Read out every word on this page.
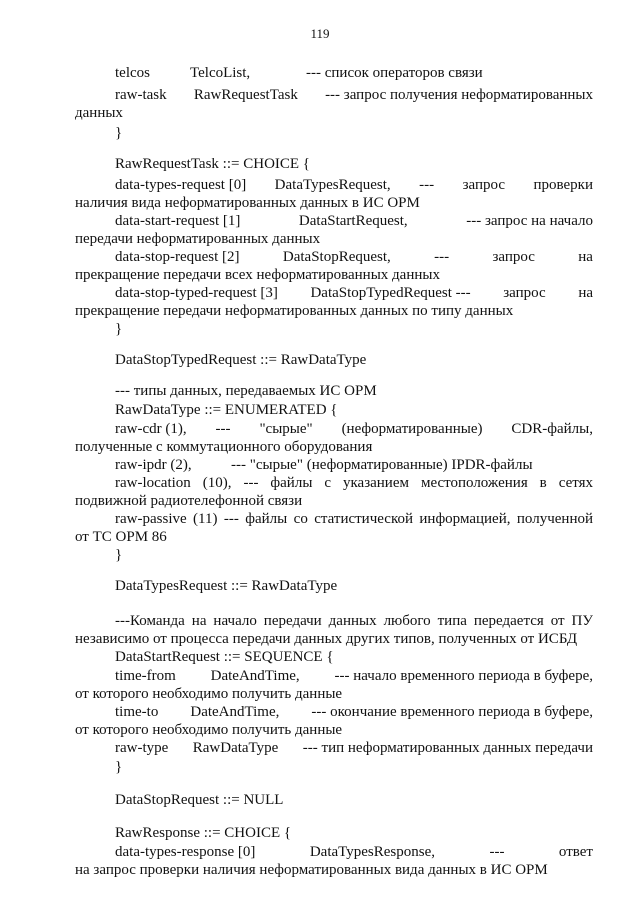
119
telcos	TelcoList,	--- список операторов связи
raw-task RawRequestTask --- запрос получения неформатированных
данных
}
RawRequestTask ::= CHOICE {
data-types-request [0] DataTypesRequest, --- запрос проверки
наличия вида неформатированных данных в ИС ОРМ
data-start-request [1]	DataStartRequest,	--- запрос на начало
передачи неформатированных данных
data-stop-request [2]	DataStopRequest,	---	запрос	на
прекращение передачи всех неформатированных данных
data-stop-typed-request [3] DataStopTypedRequest --- запрос на
прекращение передачи неформатированных данных по типу данных
}
DataStopTypedRequest ::= RawDataType
--- типы данных, передаваемых ИС ОРМ
RawDataType ::= ENUMERATED {
raw-cdr (1), --- "сырые" (неформатированные) CDR-файлы,
полученные с коммутационного оборудования
raw-ipdr (2),	--- "сырые" (неформатированные) IPDR-файлы
raw-location (10), --- файлы с указанием местоположения в сетях
подвижной радиотелефонной связи
raw-passive (11) --- файлы со статистической информацией, полученной
от ТС ОРМ 86
}
DataTypesRequest ::= RawDataType
---Команда на начало передачи данных любого типа передается от ПУ
независимо от процесса передачи данных других типов, полученных от ИСБД
DataStartRequest ::= SEQUENCE {
time-from DateAndTime, --- начало временного периода в буфере,
от которого необходимо получить данные
time-to DateAndTime, --- окончание временного периода в буфере,
от которого необходимо получить данные
raw-type RawDataType --- тип неформатированных данных передачи
}
DataStopRequest ::= NULL
RawResponse ::= CHOICE {
data-types-response [0]	DataTypesResponse,	---	ответ
на запрос проверки наличия неформатированных вида данных в ИС ОРМ
